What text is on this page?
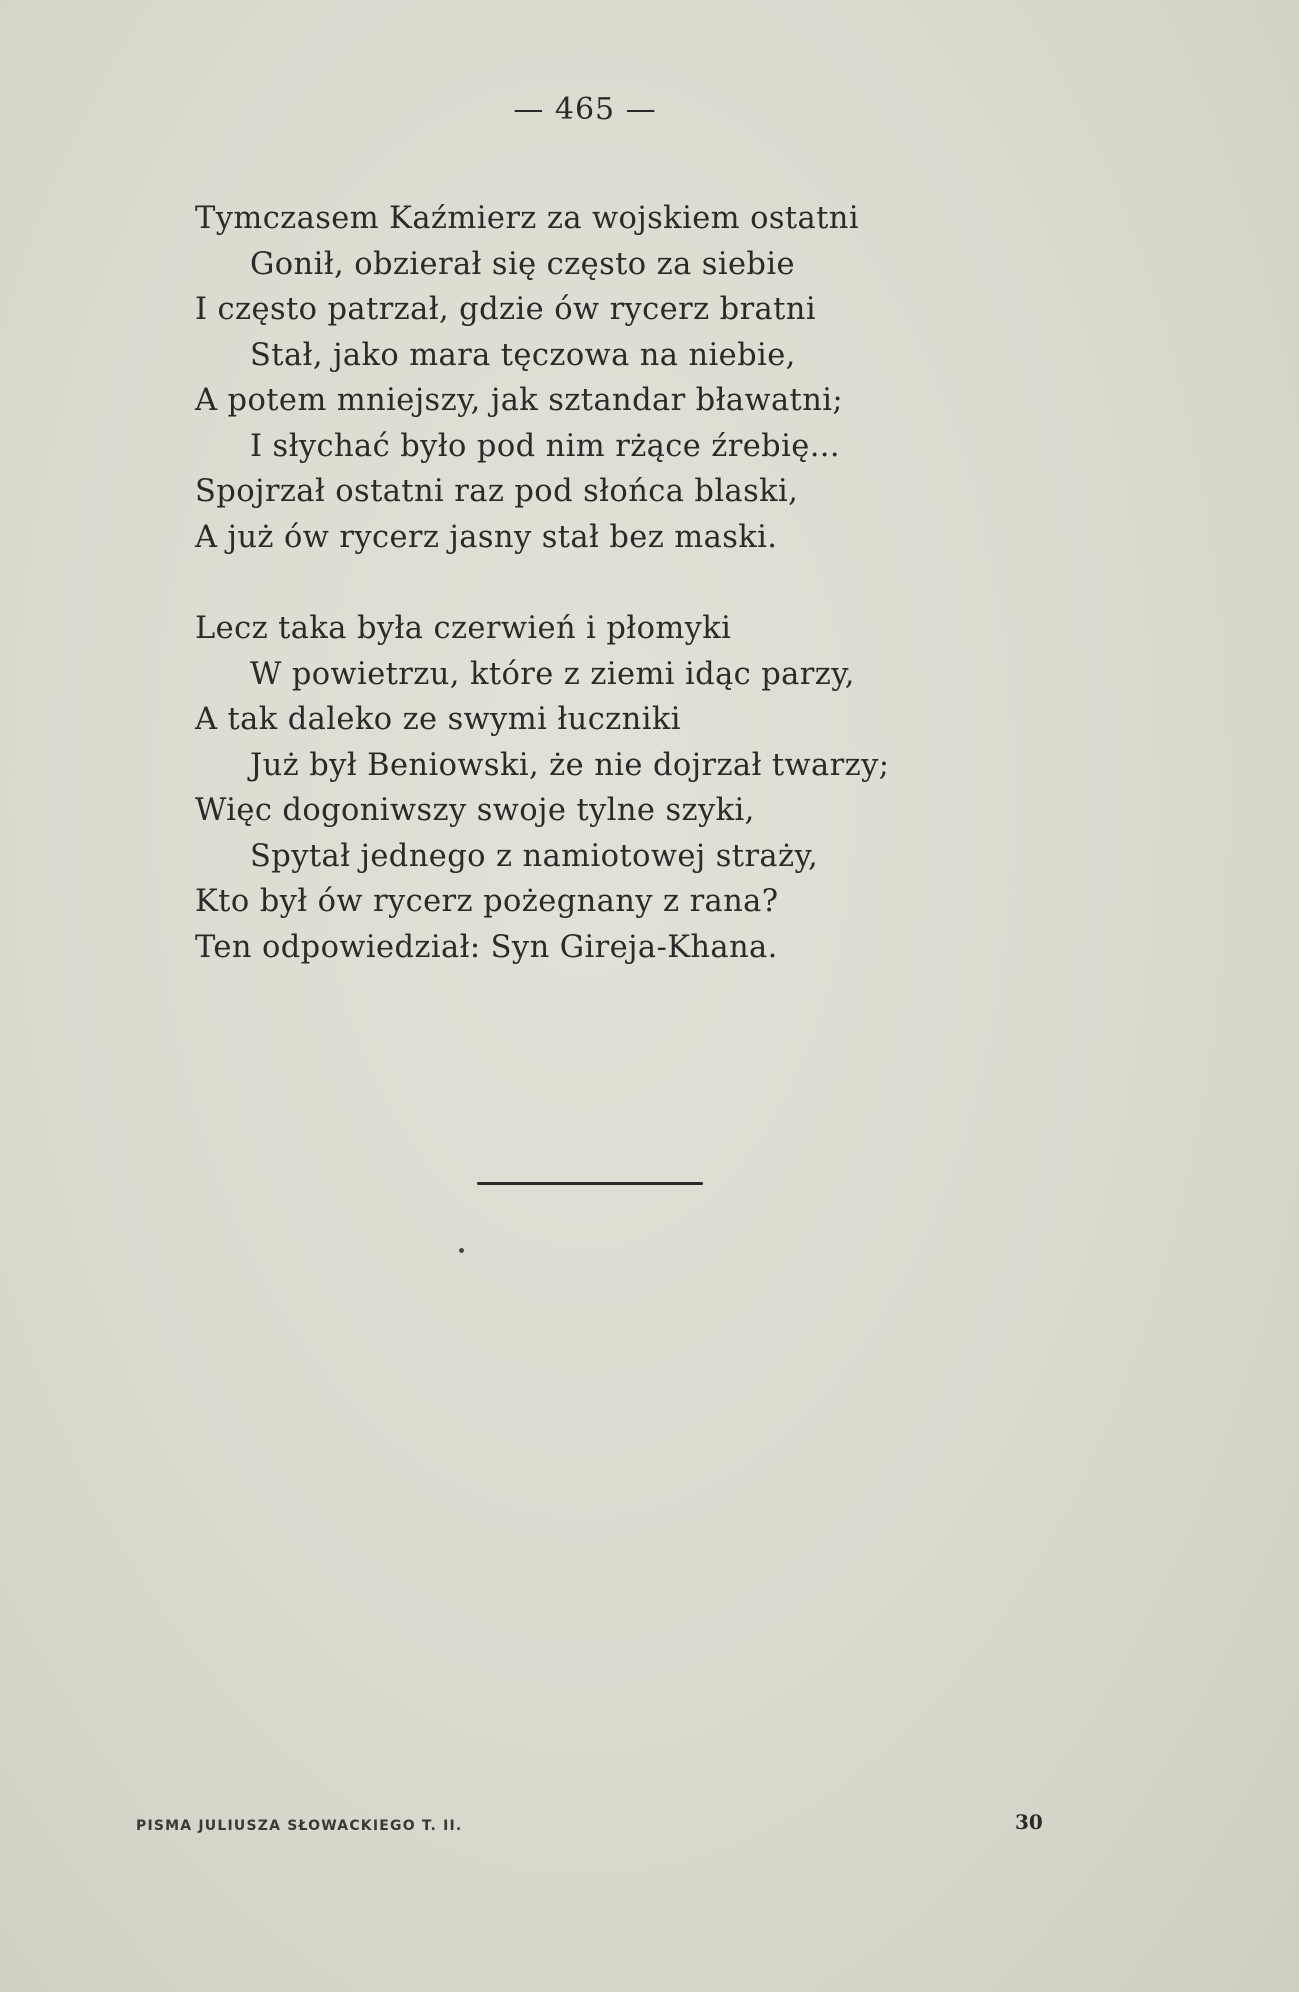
— 465 —
Tymczasem Kaźmierz za wojskiem ostatni
Gonił, obzierał się często za siebie
I często patrzał, gdzie ów rycerz bratni
Stał, jako mara tęczowa na niebie,
A potem mniejszy, jak sztandar bławatni;
I słychać było pod nim rżące źrebię...
Spojrzał ostatni raz pod słońca blaski,
A już ów rycerz jasny stał bez maski.
Lecz taka była czerwień i płomyki
W powietrzu, które z ziemi idąc parzy,
A tak daleko ze swymi łuczniki
Już był Beniowski, że nie dojrzał twarzy;
Więc dogoniwszy swoje tylne szyki,
Spytał jednego z namiotowej straży,
Kto był ów rycerz pożegnany z rana?
Ten odpowiedział: Syn Gireja-Khana.
PISMA JULIUSZA SŁOWACKIEGO T. II.	30
